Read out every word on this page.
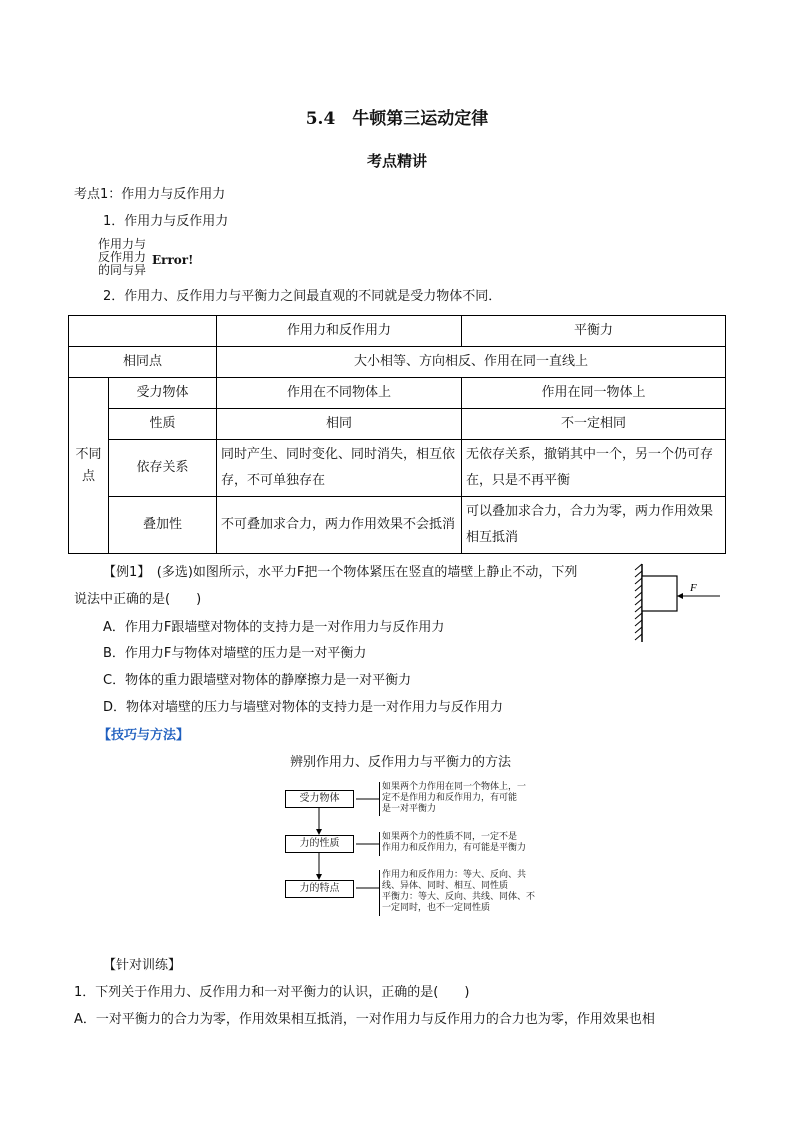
5.4　牛顿第三运动定律
考点精讲
考点1：作用力与反作用力
1．作用力与反作用力
作用力与
反作用力 Error!
的同与异
2．作用力、反作用力与平衡力之间最直观的不同就是受力物体不同．
		作用力和反作用力	平衡力
相同点		大小相等、方向相反、作用在同一直线上	
不同点	受力物体	作用在不同物体上	作用在同一物体上
	性质	相同	不一定相同
	依存关系	同时产生、同时变化、同时消失，相互依存，不可单独存在	无依存关系，撤销其中一个，另一个仍可存在，只是不再平衡
	叠加性	不可叠加求合力，两力作用效果不会抵消	可以叠加求合力，合力为零，两力作用效果相互抵消
【例1】　(多选)如图所示，水平力F把一个物体紧压在竖直的墙壁上静止不动，下列
说法中正确的是(　　)
A．作用力F跟墙壁对物体的支持力是一对作用力与反作用力
B．作用力F与物体对墙壁的压力是一对平衡力
C．物体的重力跟墙壁对物体的静摩擦力是一对平衡力
D．物体对墙壁的压力与墙壁对物体的支持力是一对作用力与反作用力
F
【技巧与方法】
辨别作用力、反作用力与平衡力的方法
受力物体
力的性质
力的特点
如果两个力作用在同一个物体上，一
定不是作用力和反作用力，有可能
是一对平衡力
如果两个力的性质不同，一定不是
作用力和反作用力，有可能是平衡力
作用力和反作用力：等大、反向、共
线、异体、同时、相互、同性质
平衡力：等大、反向、共线、同体、不
一定同时，也不一定同性质
【针对训练】
1．下列关于作用力、反作用力和一对平衡力的认识，正确的是(　　)
A．一对平衡力的合力为零，作用效果相互抵消，一对作用力与反作用力的合力也为零，作用效果也相
